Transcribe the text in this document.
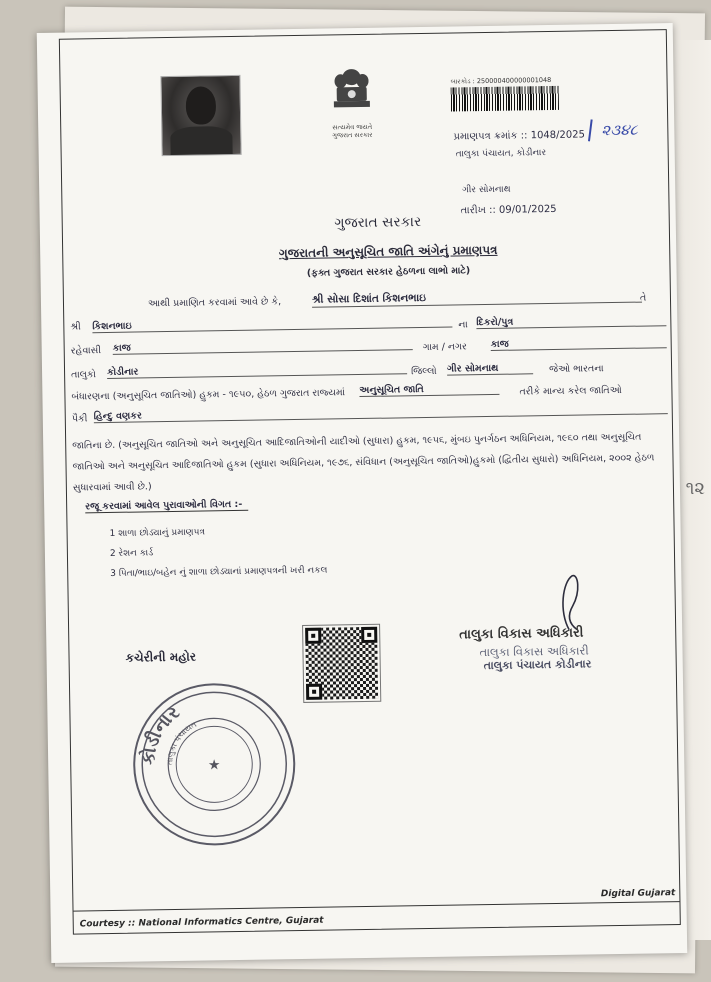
૧૨
સત્યમેવ જયતે
ગુજરાત સરકાર
બારકોડ : 250000400000001048
પ્રમાણપત્ર ક્રમાંક :: 1048/2025 ૨૩૪૮
તાલુકા પંચાયત, કોડીનાર
ગીર સોમનાથ
તારીખ :: 09/01/2025
ગુજરાત સરકાર
ગુજરાતની અનુસૂચિત જાતિ અંગેનું પ્રમાણપત્ર
(ફક્ત ગુજરાત સરકાર હેઠળના લાભો માટે)
આથી પ્રમાણિત કરવામાં આવે છે કે,	શ્રી સોસા દિશાંત કિશનભાઇ	તે
શ્રી કિશનભાઇ	ના દિકરો/પુત્ર
રહેવાસી કાજ	ગામ / નગર કાજ
તાલુકો કોડીનાર	જિલ્લો ગીર સોમનાથ	જેઓ ભારતના
બંધારણના (અનુસૂચિત જાતિઓ) હુકમ - ૧૯૫૦, હેઠળ ગુજરાત રાજ્યમાં અનુસૂચિત જાતિ	તરીકે માન્ય કરેલ જાતિઓ
પૈકી હિન્દુ વણકર
જાતિના છે. (અનુસૂચિત જાતિઓ અને અનુસૂચિત આદિજાતિઓની યાદીઓ (સુધારા) હુકમ, ૧૯૫૬, મુંબઇ પુનર્ગઠન અધિનિયમ, ૧૯૬૦ તથા અનુસૂચિત જાતિઓ અને અનુસૂચિત આદિજાતિઓ હુકમ (સુધારા અધિનિયમ, ૧૯૭૬, સંવિધાન (અનુસૂચિત જાતિઓ)હુકમો (દ્વિતીય સુધારો) અધિનિયમ, ૨૦૦૨ હેઠળ સુધારવામાં આવી છે.)
રજૂ કરવામાં આવેલ પુરાવાઓની વિગત :-
1 શાળા છોડ્યાનું પ્રમાણપત્ર
2 રેશન કાર્ડ
3 પિતા/ભાઇ/બહેન નું શાળા છોડ્યાનાં પ્રમાણપત્રની ખરી નકલ
કચેરીની મહોર
તાલુકા વિકાસ અધિકારી
તાલુકા વિકાસ અધિકારી
તાલુકા પંચાયત કોડીનાર
કોડીનાર
તાલુકા પંચાયત
★
Courtesy :: National Informatics Centre, Gujarat
Digital Gujarat
